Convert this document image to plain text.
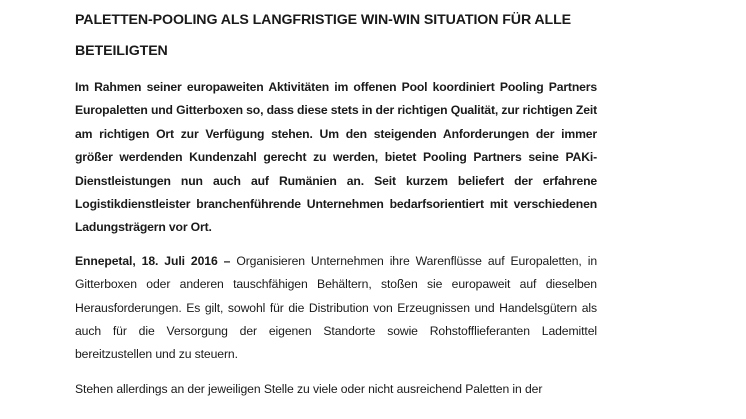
PALETTEN-POOLING ALS LANGFRISTIGE WIN-WIN SITUATION FÜR ALLE BETEILIGTEN

Im Rahmen seiner europaweiten Aktivitäten im offenen Pool koordiniert Pooling Partners Europaletten und Gitterboxen so, dass diese stets in der richtigen Qualität, zur richtigen Zeit am richtigen Ort zur Verfügung stehen. Um den steigenden Anforderungen der immer größer werdenden Kundenzahl gerecht zu werden, bietet Pooling Partners seine PAKi-Dienstleistungen nun auch auf Rumänien an. Seit kurzem beliefert der erfahrene Logistikdienstleister branchenführende Unternehmen bedarfsorientiert mit verschiedenen Ladungsträgern vor Ort.

Ennepetal, 18. Juli 2016 – Organisieren Unternehmen ihre Warenflüsse auf Europaletten, in Gitterboxen oder anderen tauschfähigen Behältern, stoßen sie europaweit auf dieselben Herausforderungen. Es gilt, sowohl für die Distribution von Erzeugnissen und Handelsgütern als auch für die Versorgung der eigenen Standorte sowie Rohstofflieferanten Lademittel bereitzustellen und zu steuern.

Stehen allerdings an der jeweiligen Stelle zu viele oder nicht ausreichend Paletten in der
